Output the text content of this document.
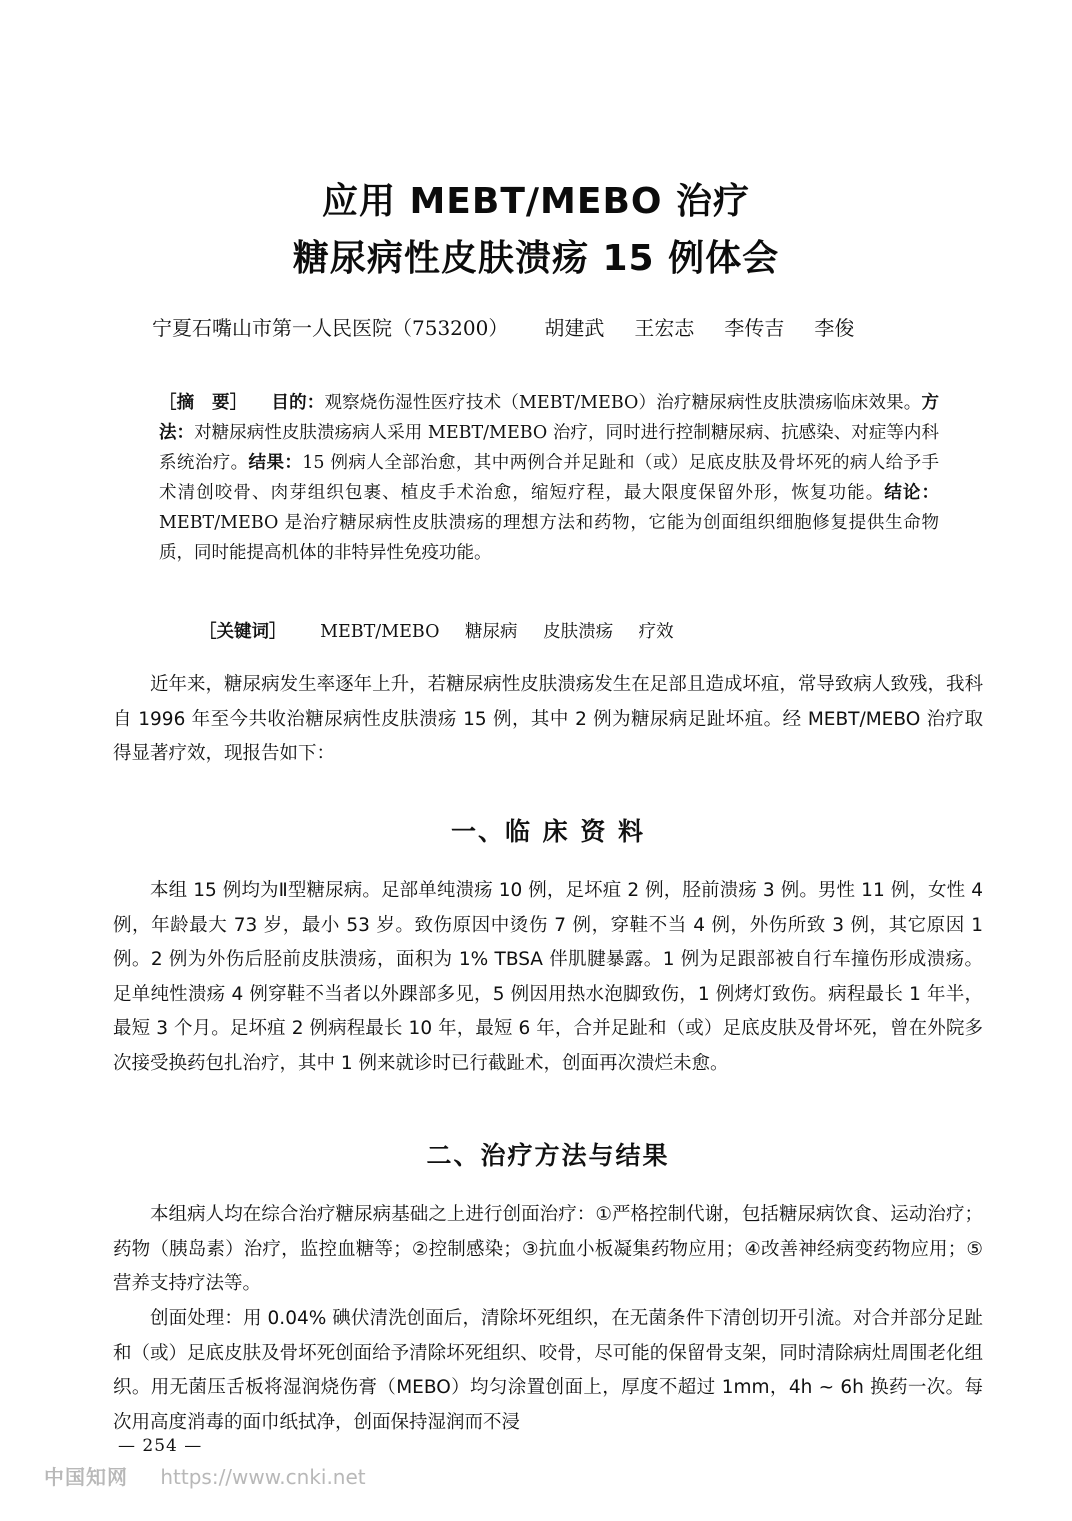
应用 MEBT/MEBO 治疗
糖尿病性皮肤溃疡 15 例体会
宁夏石嘴山市第一人民医院（753200） 胡建武 王宏志 李传吉 李俊
［摘　要］ 目的：观察烧伤湿性医疗技术（MEBT/MEBO）治疗糖尿病性皮肤溃疡临床效果。方法：对糖尿病性皮肤溃疡病人采用 MEBT/MEBO 治疗，同时进行控制糖尿病、抗感染、对症等内科系统治疗。结果：15 例病人全部治愈，其中两例合并足趾和（或）足底皮肤及骨坏死的病人给予手术清创咬骨、肉芽组织包裹、植皮手术治愈，缩短疗程，最大限度保留外形，恢复功能。结论：MEBT/MEBO 是治疗糖尿病性皮肤溃疡的理想方法和药物，它能为创面组织细胞修复提供生命物质，同时能提高机体的非特异性免疫功能。
［关键词］ MEBT/MEBO 糖尿病 皮肤溃疡 疗效

近年来，糖尿病发生率逐年上升，若糖尿病性皮肤溃疡发生在足部且造成坏疽，常导致病人致残，我科自 1996 年至今共收治糖尿病性皮肤溃疡 15 例，其中 2 例为糖尿病足趾坏疽。经 MEBT/MEBO 治疗取得显著疗效，现报告如下：

一、临 床 资 料

本组 15 例均为Ⅱ型糖尿病。足部单纯溃疡 10 例，足坏疽 2 例，胫前溃疡 3 例。男性 11 例，女性 4 例，年龄最大 73 岁，最小 53 岁。致伤原因中烫伤 7 例，穿鞋不当 4 例，外伤所致 3 例，其它原因 1 例。2 例为外伤后胫前皮肤溃疡，面积为 1% TBSA 伴肌腱暴露。1 例为足跟部被自行车撞伤形成溃疡。足单纯性溃疡 4 例穿鞋不当者以外踝部多见，5 例因用热水泡脚致伤，1 例烤灯致伤。病程最长 1 年半，最短 3 个月。足坏疽 2 例病程最长 10 年，最短 6 年，合并足趾和（或）足底皮肤及骨坏死，曾在外院多次接受换药包扎治疗，其中 1 例来就诊时已行截趾术，创面再次溃烂未愈。

二、治疗方法与结果

本组病人均在综合治疗糖尿病基础之上进行创面治疗：①严格控制代谢，包括糖尿病饮食、运动治疗；药物（胰岛素）治疗，监控血糖等；②控制感染；③抗血小板凝集药物应用；④改善神经病变药物应用；⑤营养支持疗法等。

创面处理：用 0.04% 碘伏清洗创面后，清除坏死组织，在无菌条件下清创切开引流。对合并部分足趾和（或）足底皮肤及骨坏死创面给予清除坏死组织、咬骨，尽可能的保留骨支架，同时清除病灶周围老化组织。用无菌压舌板将湿润烧伤膏（MEBO）均匀涂置创面上，厚度不超过 1mm，4h ~ 6h 换药一次。每次用高度消毒的面巾纸拭净，创面保持湿润而不浸

— 254 —
中国知网 https://www.cnki.net
